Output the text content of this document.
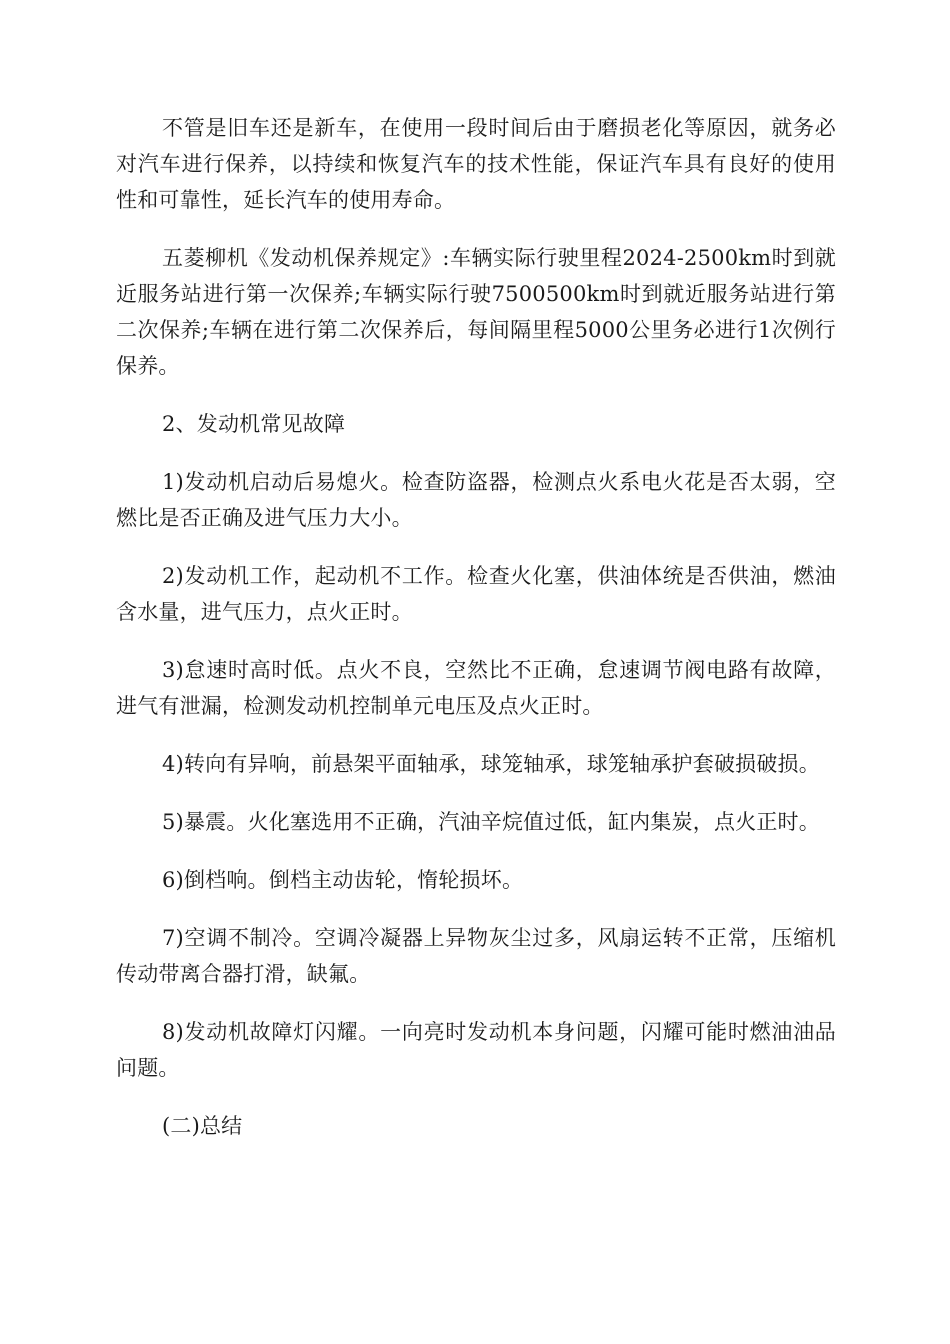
不管是旧车还是新车，在使用一段时间后由于磨损老化等原因，就务必对汽车进行保养，以持续和恢复汽车的技术性能，保证汽车具有良好的使用性和可靠性，延长汽车的使用寿命。

五菱柳机《发动机保养规定》:车辆实际行驶里程2024-2500km时到就近服务站进行第一次保养;车辆实际行驶7500500km时到就近服务站进行第二次保养;车辆在进行第二次保养后，每间隔里程5000公里务必进行1次例行保养。

2、发动机常见故障

1)发动机启动后易熄火。检查防盗器，检测点火系电火花是否太弱，空燃比是否正确及进气压力大小。

2)发动机工作，起动机不工作。检查火化塞，供油体统是否供油，燃油含水量，进气压力，点火正时。

3)怠速时高时低。点火不良，空然比不正确，怠速调节阀电路有故障，进气有泄漏，检测发动机控制单元电压及点火正时。

4)转向有异响，前悬架平面轴承，球笼轴承，球笼轴承护套破损破损。

5)暴震。火化塞选用不正确，汽油辛烷值过低，缸内集炭，点火正时。

6)倒档响。倒档主动齿轮，惰轮损坏。

7)空调不制冷。空调冷凝器上异物灰尘过多，风扇运转不正常，压缩机传动带离合器打滑，缺氟。

8)发动机故障灯闪耀。一向亮时发动机本身问题，闪耀可能时燃油油品问题。

(二)总结
